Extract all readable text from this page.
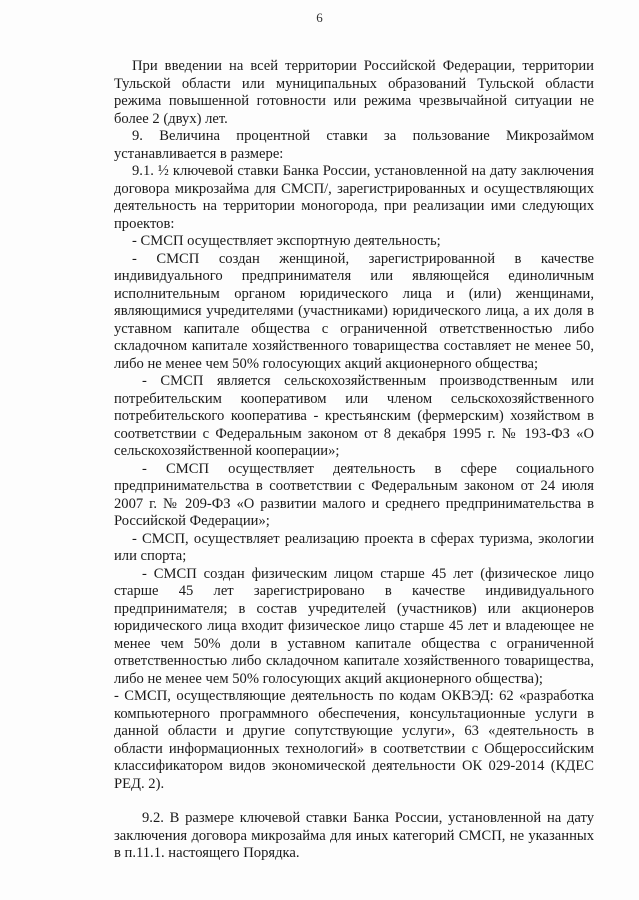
6

При введении на всей территории Российской Федерации, территории Тульской области или муниципальных образований Тульской области режима повышенной готовности или режима чрезвычайной ситуации не более 2 (двух) лет.

9. Величина процентной ставки за пользование Микрозаймом устанавливается в размере:

9.1. ½ ключевой ставки Банка России, установленной на дату заключения договора микрозайма для СМСП/, зарегистрированных и осуществляющих деятельность на территории моногорода, при реализации ими следующих проектов:

- СМСП осуществляет экспортную деятельность;

- СМСП создан женщиной, зарегистрированной в качестве индивидуального предпринимателя или являющейся единоличным исполнительным органом юридического лица и (или) женщинами, являющимися учредителями (участниками) юридического лица, а их доля в уставном капитале общества с ограниченной ответственностью либо складочном капитале хозяйственного товарищества составляет не менее 50, либо не менее чем 50% голосующих акций акционерного общества;

- СМСП является сельскохозяйственным производственным или потребительским кооперативом или членом сельскохозяйственного потребительского кооператива - крестьянским (фермерским) хозяйством в соответствии с Федеральным законом от 8 декабря 1995 г. № 193-ФЗ «О сельскохозяйственной кооперации»;

- СМСП осуществляет деятельность в сфере социального предпринимательства в соответствии с Федеральным законом от 24 июля 2007 г. № 209-ФЗ «О развитии малого и среднего предпринимательства в Российской Федерации»;

- СМСП, осуществляет реализацию проекта в сферах туризма, экологии или спорта;

- СМСП создан физическим лицом старше 45 лет (физическое лицо старше 45 лет зарегистрировано в качестве индивидуального предпринимателя; в состав учредителей (участников) или акционеров юридического лица входит физическое лицо старше 45 лет и владеющее не менее чем 50% доли в уставном капитале общества с ограниченной ответственностью либо складочном капитале хозяйственного товарищества, либо не менее чем 50% голосующих акций акционерного общества);

- СМСП, осуществляющие деятельность по кодам ОКВЭД: 62 «разработка компьютерного программного обеспечения, консультационные услуги в данной области и другие сопутствующие услуги», 63 «деятельность в области информационных технологий» в соответствии с Общероссийским классификатором видов экономической деятельности ОК 029-2014 (КДЕС РЕД. 2).

9.2. В размере ключевой ставки Банка России, установленной на дату заключения договора микрозайма для иных категорий СМСП, не указанных в п.11.1. настоящего Порядка.
